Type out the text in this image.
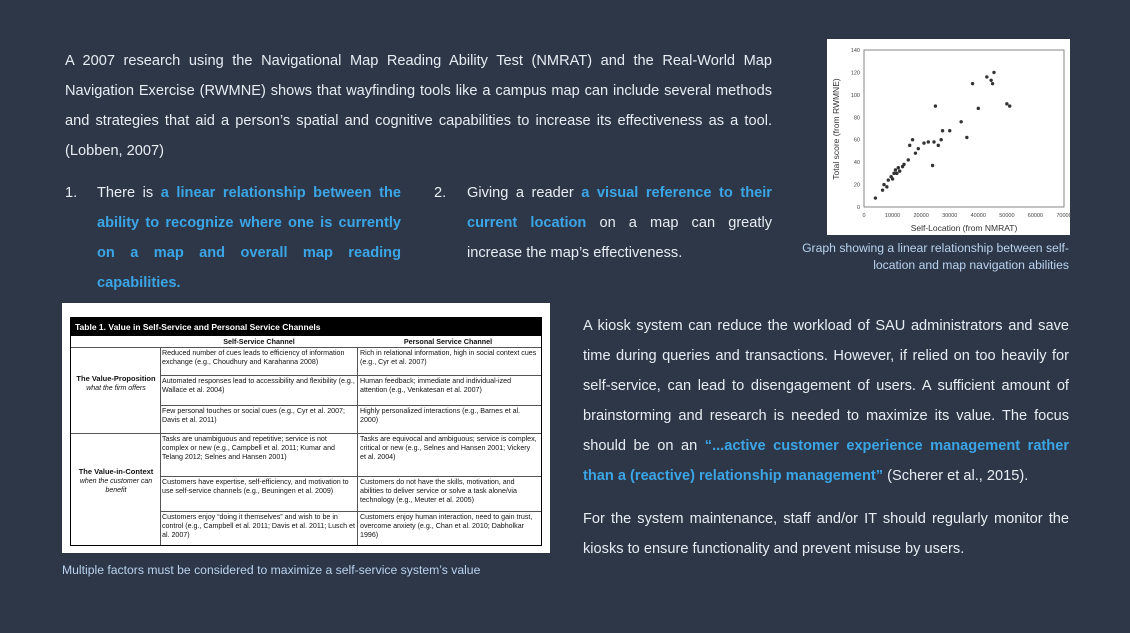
A 2007 research using the Navigational Map Reading Ability Test (NMRAT) and the Real-World Map Navigation Exercise (RWMNE) shows that wayfinding tools like a campus map can include several methods and strategies that aid a person’s spatial and cognitive capabilities to increase its effectiveness as a tool. (Lobben, 2007)
1. There is a linear relationship between the ability to recognize where one is currently on a map and overall map reading capabilities.
2. Giving a reader a visual reference to their current location on a map can greatly increase the map’s effectiveness.
0
20
40
60
80
100
120
140
0	10000 20000 30000 40000 50000 60000 70000
Total score (from RWMNE)
Self-Location (from NMRAT)
Graph showing a linear relationship between self-location and map navigation abilities
Table 1. Value in Self-Service and Personal Service Channels
Self-Service Channel	Personal Service Channel
The Value-Proposition
what the firm offers
The Value-in-Context
when the customer can benefit
Reduced number of cues leads to efficiency of information exchange (e.g., Choudhury and Karahanna 2008)
Rich in relational information, high in social context cues (e.g., Cyr et al. 2007)
Automated responses lead to accessibility and flexibility (e.g., Wallace et al. 2004)
Human feedback; immediate and individual-ized attention (e.g., Venkatesan et al. 2007)
Few personal touches or social cues (e.g., Cyr et al. 2007; Davis et al. 2011)
Highly personalized interactions (e.g., Barnes et al. 2000)
Tasks are unambiguous and repetitive; service is not complex or new (e.g., Campbell et al. 2011; Kumar and Telang 2012; Selnes and Hansen 2001)
Tasks are equivocal and ambiguous; service is complex, critical or new (e.g., Selnes and Hansen 2001; Vickery et al. 2004)
Customers have expertise, self-efficiency, and motivation to use self-service channels (e.g., Beuningen et al. 2009)
Customers do not have the skills, motivation, and abilities to deliver service or solve a task alone/via technology (e.g., Meuter et al. 2005)
Customers enjoy “doing it themselves” and wish to be in control (e.g., Campbell et al. 2011; Davis et al. 2011; Lusch et al. 2007)
Customers enjoy human interaction, need to gain trust, overcome anxiety (e.g., Chan et al. 2010; Dabholkar 1996)
Multiple factors must be considered to maximize a self-service system’s value
A kiosk system can reduce the workload of SAU administrators and save time during queries and transactions. However, if relied on too heavily for self-service, can lead to disengagement of users. A sufficient amount of brainstorming and research is needed to maximize its value. The focus should be on an “...active customer experience management rather than a (reactive) relationship management” (Scherer et al., 2015).
For the system maintenance, staff and/or IT should regularly monitor the kiosks to ensure functionality and prevent misuse by users.
